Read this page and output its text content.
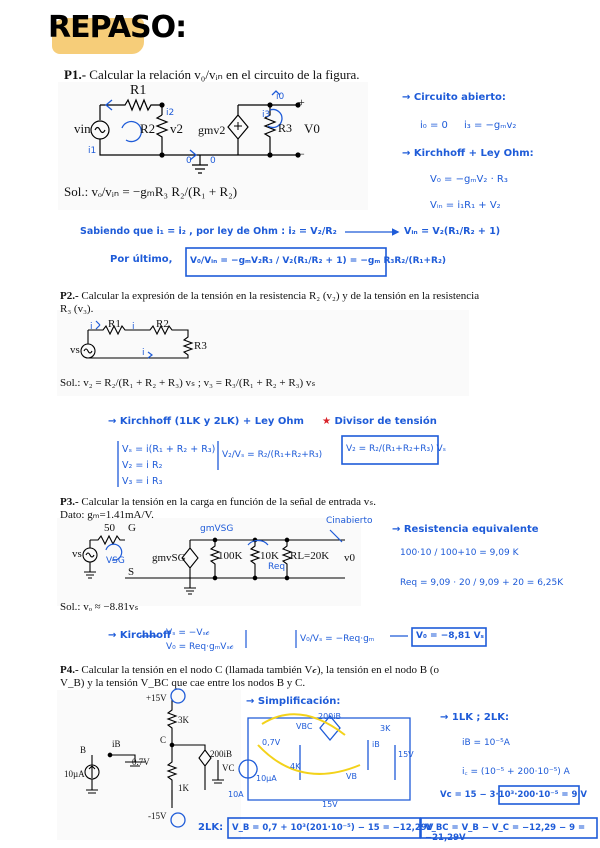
REPASO:
P1.- Calcular la relación v₀/vᵢₙ en el circuito de la figura.
R1
vin	R2 v2 gmv2	R3 V0
i1
i2	i3
i0 +
−
0
0
Sol.: vₒ/vᵢₙ = −gₘR₃ R₂/(R₁ + R₂)
→ Circuito abierto:
i₀ = 0 i₃ = −gₘv₂
→ Kirchhoff + Ley Ohm:
V₀ = −gₘV₂ · R₃
Vᵢₙ = i₁R₁ + V₂
Sabiendo que i₁ = i₂ , por ley de Ohm : i₂ = V₂/R₂	Vᵢₙ = V₂(R₁/R₂ + 1)
Por último, V₀/Vᵢₙ = −gₘV₂R₃ / V₂(R₁/R₂ + 1) = −gₘ R₃R₂/(R₁+R₂)
P2.- Calcular la expresión de la tensión en la resistencia R₂ (v₂) y de la tensión en la resistencia R₃ (v₃).
R1	R2
R3
vs
i	i
i
Sol.: v₂ = R₂/(R₁ + R₂ + R₃) vₛ ; v₃ = R₃/(R₁ + R₂ + R₃) vₛ
→ Kirchhoff (1LK y 2LK) + Ley Ohm ★ Divisor de tensión
Vₛ = i(R₁ + R₂ + R₃)
V₂ = i R₂
V₃ = i R₃
V₂/Vₛ = R₂/(R₁+R₂+R₃)
V₂ = R₂/(R₁+R₂+R₃) Vₛ
P3.- Calcular la tensión en la carga en función de la señal de entrada vₛ.
Dato: gₘ=1.41mA/V.
50 G
vs
S
gmvSG	100K 10K RL=20K v0
VSG
gmVSG
Req
Cinabierto
Sol.: vₒ ≈ −8.81vₛ
→ Resistencia equivalente
100·10 / 100+10 = 9,09 K
Req = 9,09 · 20 / 9,09 + 20 = 6,25K
→ Kirchhoff
Vₛ = −Vₛ𝒸
V₀ = Req·gₘVₛ𝒸
V₀/Vₛ = −Req·gₘ	V₀ = −8,81 Vₛ
P4.- Calcular la tensión en el nodo C (llamada también V𝒸), la tensión en el nodo B (o V_B) y la tensión V_BC que cae entre los nodos B y C.
+15V
3K
C
B
iB
0.7V
200iB
VC
10µA
1K
-15V
→ Simplificación:
0,7V
200iB
3K
15V
iB
4K
10µA
10A
15V
VBC
VB
→ 1LK ; 2LK:
iB = 10⁻⁵A
i꜀ = (10⁻⁵ + 200·10⁻⁵) A
Vc = 15 − 3·10³·200·10⁻⁵ = 9 V
2LK: V_B = 0,7 + 10³(201·10⁻⁵) − 15 = −12,29V
V_BC = V_B − V_C = −12,29 − 9 = −21,29V
